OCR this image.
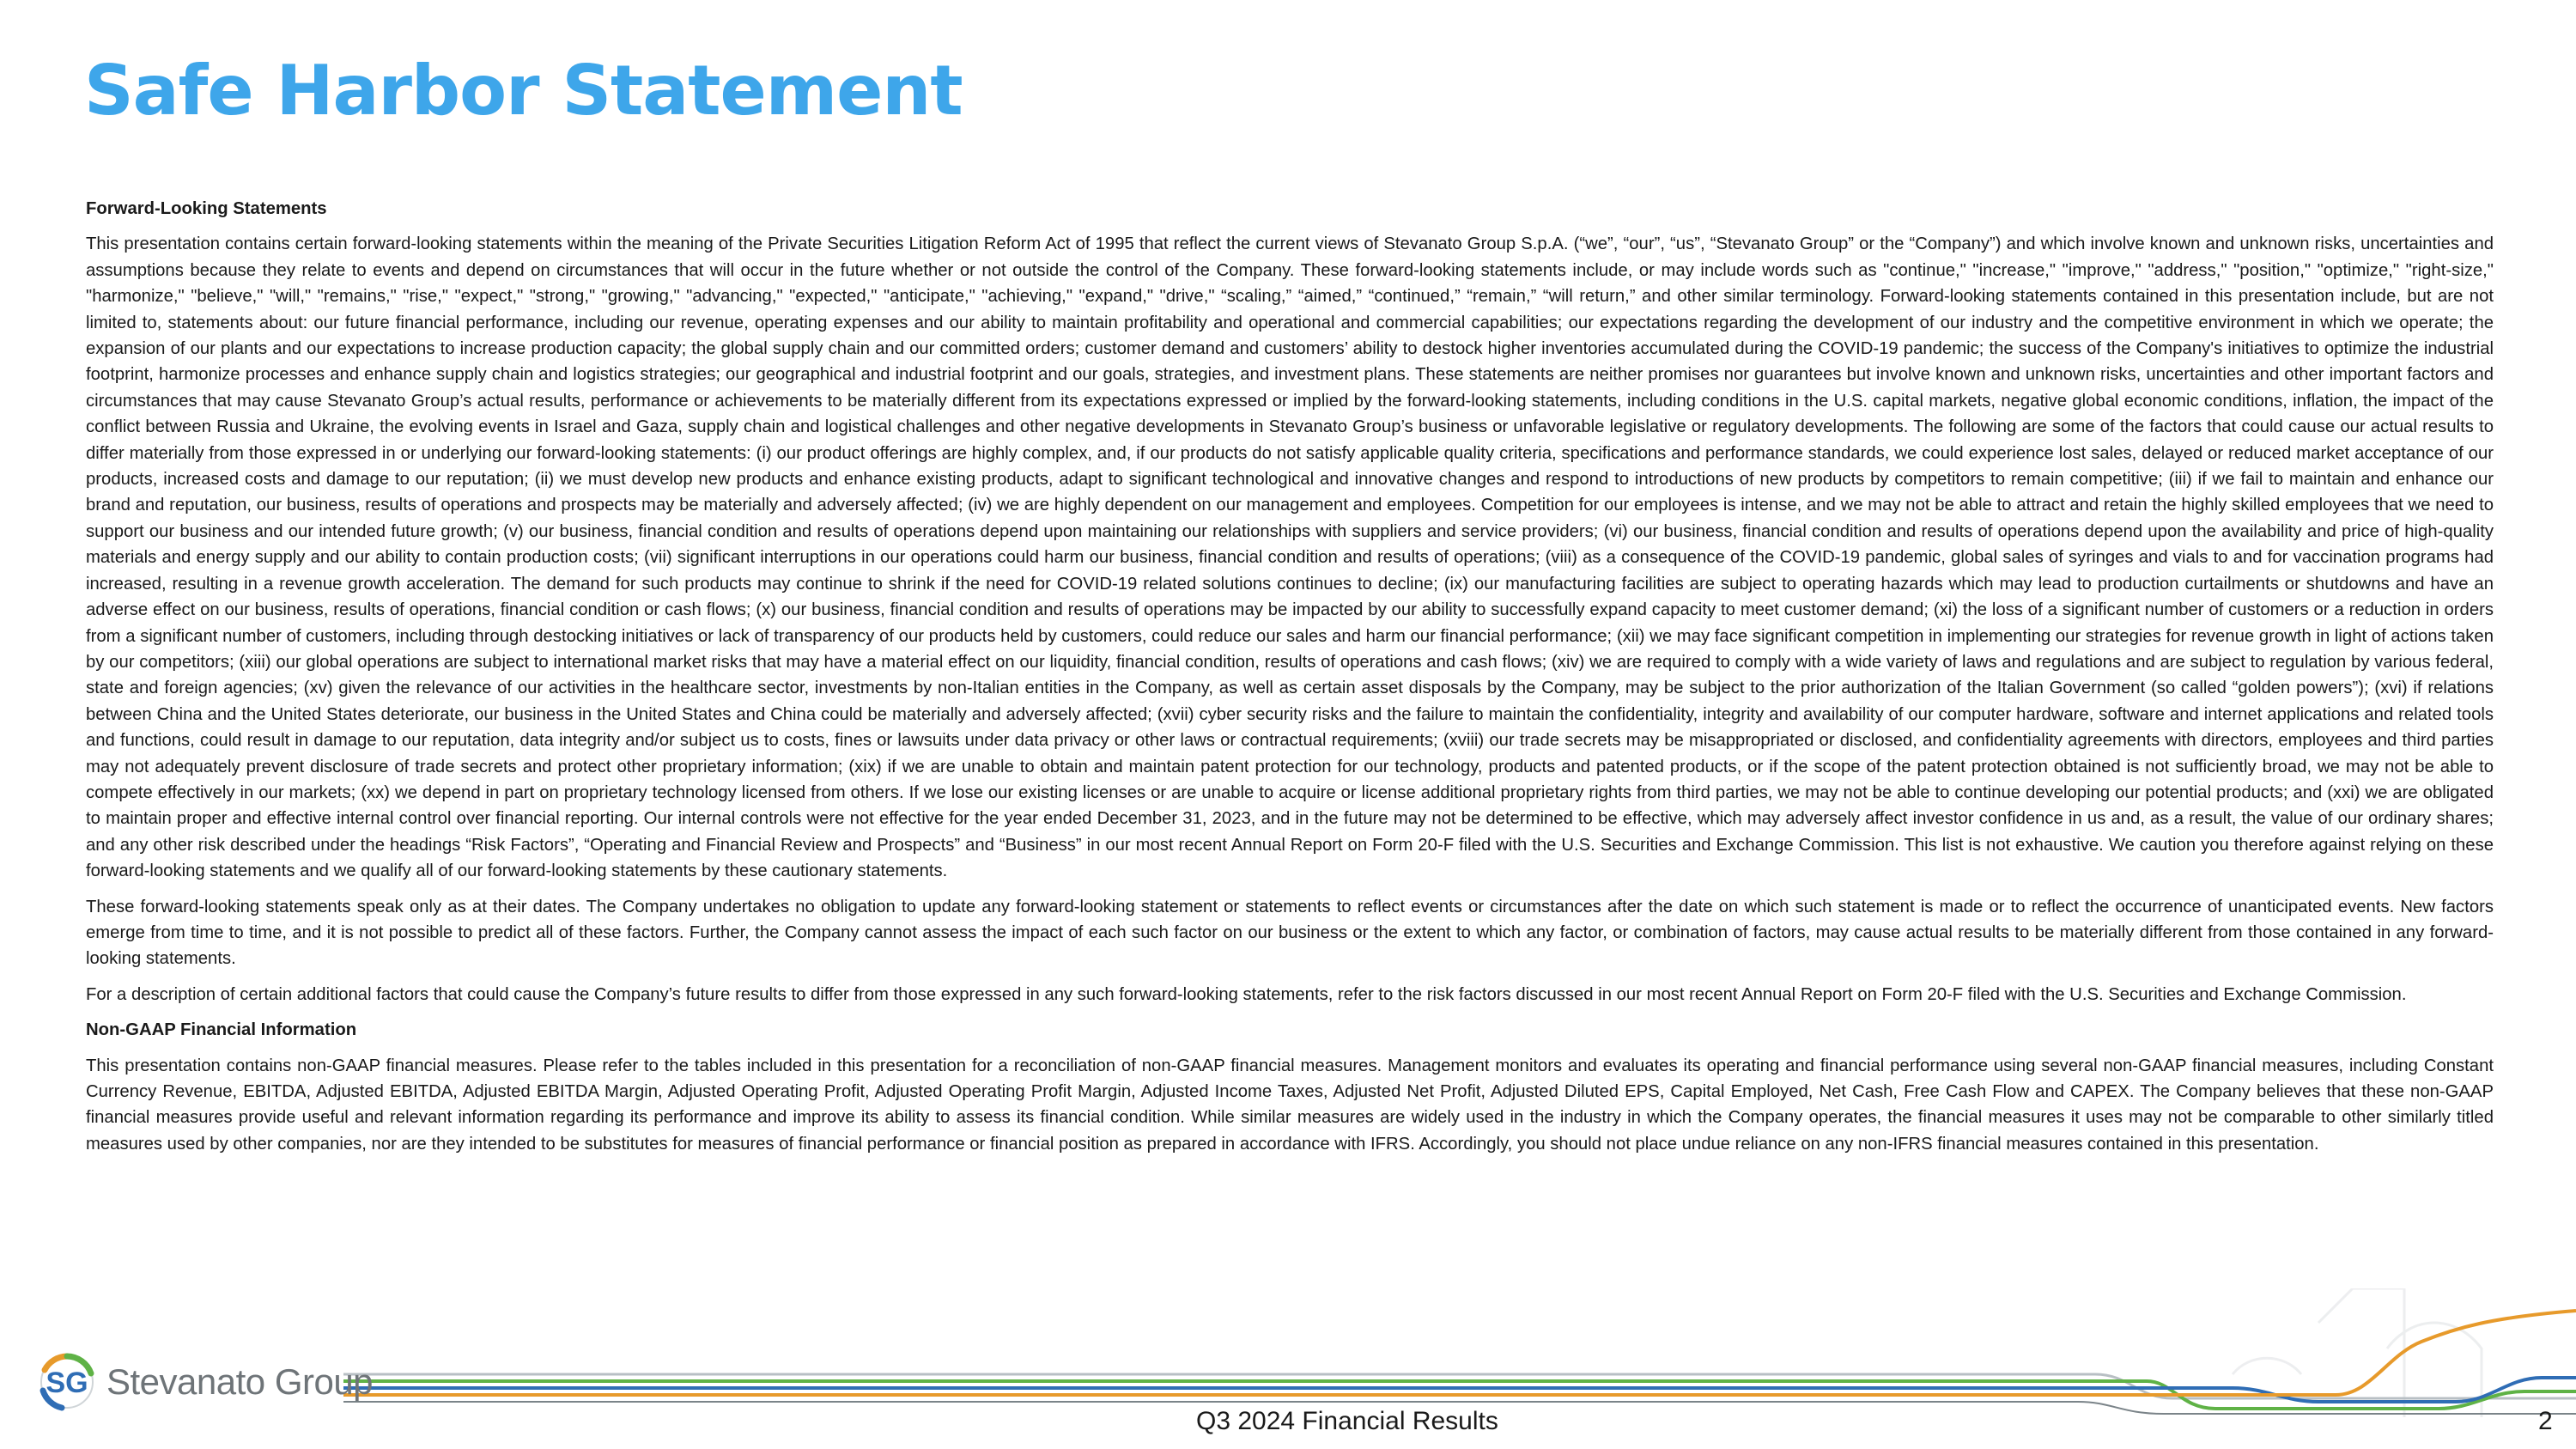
Safe Harbor Statement
Forward-Looking Statements

This presentation contains certain forward-looking statements within the meaning of the Private Securities Litigation Reform Act of 1995 that reflect the current views of Stevanato Group S.p.A. (“we”, “our”, “us”, “Stevanato Group” or the “Company”) and which involve known and unknown risks, uncertainties and assumptions because they relate to events and depend on circumstances that will occur in the future whether or not outside the control of the Company. These forward-looking statements include, or may include words such as "continue," "increase," "improve," "address," "position," "optimize," "right-size," "harmonize," "believe," "will," "remains," "rise," "expect," "strong," "growing," "advancing," "expected," "anticipate," "achieving," "expand," "drive," “scaling,” “aimed,” “continued,” “remain,” “will return,” and other similar terminology. Forward-looking statements contained in this presentation include, but are not limited to, statements about: our future financial performance, including our revenue, operating expenses and our ability to maintain profitability and operational and commercial capabilities; our expectations regarding the development of our industry and the competitive environment in which we operate; the expansion of our plants and our expectations to increase production capacity; the global supply chain and our committed orders; customer demand and customers’ ability to destock higher inventories accumulated during the COVID-19 pandemic; the success of the Company's initiatives to optimize the industrial footprint, harmonize processes and enhance supply chain and logistics strategies; our geographical and industrial footprint and our goals, strategies, and investment plans. These statements are neither promises nor guarantees but involve known and unknown risks, uncertainties and other important factors and circumstances that may cause Stevanato Group’s actual results, performance or achievements to be materially different from its expectations expressed or implied by the forward-looking statements, including conditions in the U.S. capital markets, negative global economic conditions, inflation, the impact of the conflict between Russia and Ukraine, the evolving events in Israel and Gaza, supply chain and logistical challenges and other negative developments in Stevanato Group’s business or unfavorable legislative or regulatory developments. The following are some of the factors that could cause our actual results to differ materially from those expressed in or underlying our forward-looking statements: (i) our product offerings are highly complex, and, if our products do not satisfy applicable quality criteria, specifications and performance standards, we could experience lost sales, delayed or reduced market acceptance of our products, increased costs and damage to our reputation; (ii) we must develop new products and enhance existing products, adapt to significant technological and innovative changes and respond to introductions of new products by competitors to remain competitive; (iii) if we fail to maintain and enhance our brand and reputation, our business, results of operations and prospects may be materially and adversely affected; (iv) we are highly dependent on our management and employees. Competition for our employees is intense, and we may not be able to attract and retain the highly skilled employees that we need to support our business and our intended future growth; (v) our business, financial condition and results of operations depend upon maintaining our relationships with suppliers and service providers; (vi) our business, financial condition and results of operations depend upon the availability and price of high-quality materials and energy supply and our ability to contain production costs; (vii) significant interruptions in our operations could harm our business, financial condition and results of operations; (viii) as a consequence of the COVID-19 pandemic, global sales of syringes and vials to and for vaccination programs had increased, resulting in a revenue growth acceleration. The demand for such products may continue to shrink if the need for COVID-19 related solutions continues to decline; (ix) our manufacturing facilities are subject to operating hazards which may lead to production curtailments or shutdowns and have an adverse effect on our business, results of operations, financial condition or cash flows; (x) our business, financial condition and results of operations may be impacted by our ability to successfully expand capacity to meet customer demand; (xi) the loss of a significant number of customers or a reduction in orders from a significant number of customers, including through destocking initiatives or lack of transparency of our products held by customers, could reduce our sales and harm our financial performance; (xii) we may face significant competition in implementing our strategies for revenue growth in light of actions taken by our competitors; (xiii) our global operations are subject to international market risks that may have a material effect on our liquidity, financial condition, results of operations and cash flows; (xiv) we are required to comply with a wide variety of laws and regulations and are subject to regulation by various federal, state and foreign agencies; (xv) given the relevance of our activities in the healthcare sector, investments by non-Italian entities in the Company, as well as certain asset disposals by the Company, may be subject to the prior authorization of the Italian Government (so called “golden powers”); (xvi) if relations between China and the United States deteriorate, our business in the United States and China could be materially and adversely affected; (xvii) cyber security risks and the failure to maintain the confidentiality, integrity and availability of our computer hardware, software and internet applications and related tools and functions, could result in damage to our reputation, data integrity and/or subject us to costs, fines or lawsuits under data privacy or other laws or contractual requirements; (xviii) our trade secrets may be misappropriated or disclosed, and confidentiality agreements with directors, employees and third parties may not adequately prevent disclosure of trade secrets and protect other proprietary information; (xix) if we are unable to obtain and maintain patent protection for our technology, products and patented products, or if the scope of the patent protection obtained is not sufficiently broad, we may not be able to compete effectively in our markets; (xx) we depend in part on proprietary technology licensed from others. If we lose our existing licenses or are unable to acquire or license additional proprietary rights from third parties, we may not be able to continue developing our potential products; and (xxi) we are obligated to maintain proper and effective internal control over financial reporting. Our internal controls were not effective for the year ended December 31, 2023, and in the future may not be determined to be effective, which may adversely affect investor confidence in us and, as a result, the value of our ordinary shares; and any other risk described under the headings “Risk Factors”, “Operating and Financial Review and Prospects” and “Business” in our most recent Annual Report on Form 20-F filed with the U.S. Securities and Exchange Commission. This list is not exhaustive. We caution you therefore against relying on these forward-looking statements and we qualify all of our forward-looking statements by these cautionary statements.

These forward-looking statements speak only as at their dates. The Company undertakes no obligation to update any forward-looking statement or statements to reflect events or circumstances after the date on which such statement is made or to reflect the occurrence of unanticipated events. New factors emerge from time to time, and it is not possible to predict all of these factors. Further, the Company cannot assess the impact of each such factor on our business or the extent to which any factor, or combination of factors, may cause actual results to be materially different from those contained in any forward-looking statements.

For a description of certain additional factors that could cause the Company’s future results to differ from those expressed in any such forward-looking statements, refer to the risk factors discussed in our most recent Annual Report on Form 20-F filed with the U.S. Securities and Exchange Commission.

Non-GAAP Financial Information

This presentation contains non-GAAP financial measures. Please refer to the tables included in this presentation for a reconciliation of non-GAAP financial measures. Management monitors and evaluates its operating and financial performance using several non-GAAP financial measures, including Constant Currency Revenue, EBITDA, Adjusted EBITDA, Adjusted EBITDA Margin, Adjusted Operating Profit, Adjusted Operating Profit Margin, Adjusted Income Taxes, Adjusted Net Profit, Adjusted Diluted EPS, Capital Employed, Net Cash, Free Cash Flow and CAPEX. The Company believes that these non-GAAP financial measures provide useful and relevant information regarding its performance and improve its ability to assess its financial condition. While similar measures are widely used in the industry in which the Company operates, the financial measures it uses may not be comparable to other similarly titled measures used by other companies, nor are they intended to be substitutes for measures of financial performance or financial position as prepared in accordance with IFRS. Accordingly, you should not place undue reliance on any non-IFRS financial measures contained in this presentation.

SG Stevanato Group
Q3 2024 Financial Results	2
